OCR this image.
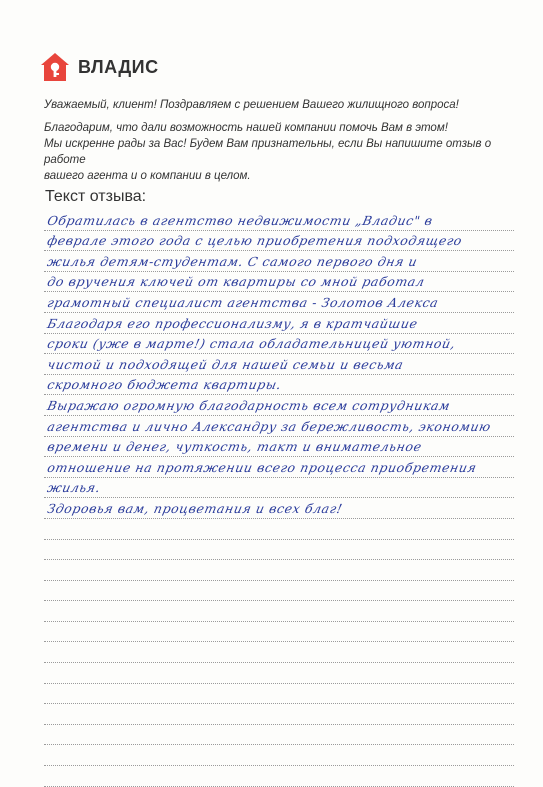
ВЛАДИС

Уважаемый, клиент! Поздравляем с решением Вашего жилищного вопроса!

Благодарим, что дали возможность нашей компании помочь Вам в этом!
Мы искренне рады за Вас! Будем Вам признательны, если Вы напишите отзыв о работе
вашего агента и о компании в целом.
Текст отзыва:
Обратилась в агентство недвижимости „Владис" в
феврале этого года с целью приобретения подходящего
жилья детям-студентам. С самого первого дня и
до вручения ключей от квартиры со мной работал
грамотный специалист агентства - Золотов Алекса
Благодаря его профессионализму, я в кратчайшие
сроки (уже в марте!) стала обладательницей уютной,
чистой и подходящей для нашей семьи и весьма
скромного бюджета квартиры.
Выражаю огромную благодарность всем сотрудникам
агентства и лично Александру за бережливость, экономию
времени и денег, чуткость, такт и внимательное
отношение на протяжении всего процесса приобретения
жилья.
Здоровья вам, процветания и всех благ!
